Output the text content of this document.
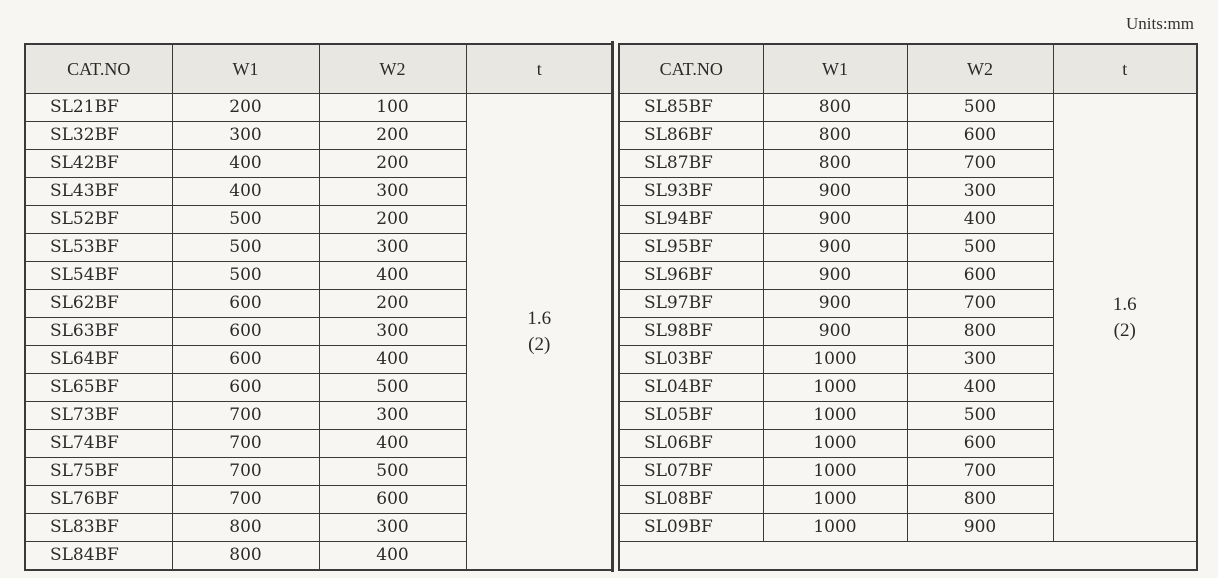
Units:mm
CAT.NO	W1	W2	t
SL21BF	200	100	1.6
(2)

SL32BF	300	200	
SL42BF	400	200	
SL43BF	400	300	
SL52BF	500	200	
SL53BF	500	300	
SL54BF	500	400	
SL62BF	600	200	
SL63BF	600	300	
SL64BF	600	400	
SL65BF	600	500	
SL73BF	700	300	
SL74BF	700	400	
SL75BF	700	500	
SL76BF	700	600	
SL83BF	800	300	
SL84BF	800	400	
CAT.NO	W1	W2	t
SL85BF	800	500	1.6
(2)

SL86BF	800	600	
SL87BF	800	700	
SL93BF	900	300	
SL94BF	900	400	
SL95BF	900	500	
SL96BF	900	600	
SL97BF	900	700	
SL98BF	900	800	
SL03BF	1000	300	
SL04BF	1000	400	
SL05BF	1000	500	
SL06BF	1000	600	
SL07BF	1000	700	
SL08BF	1000	800	
SL09BF	1000	900	
